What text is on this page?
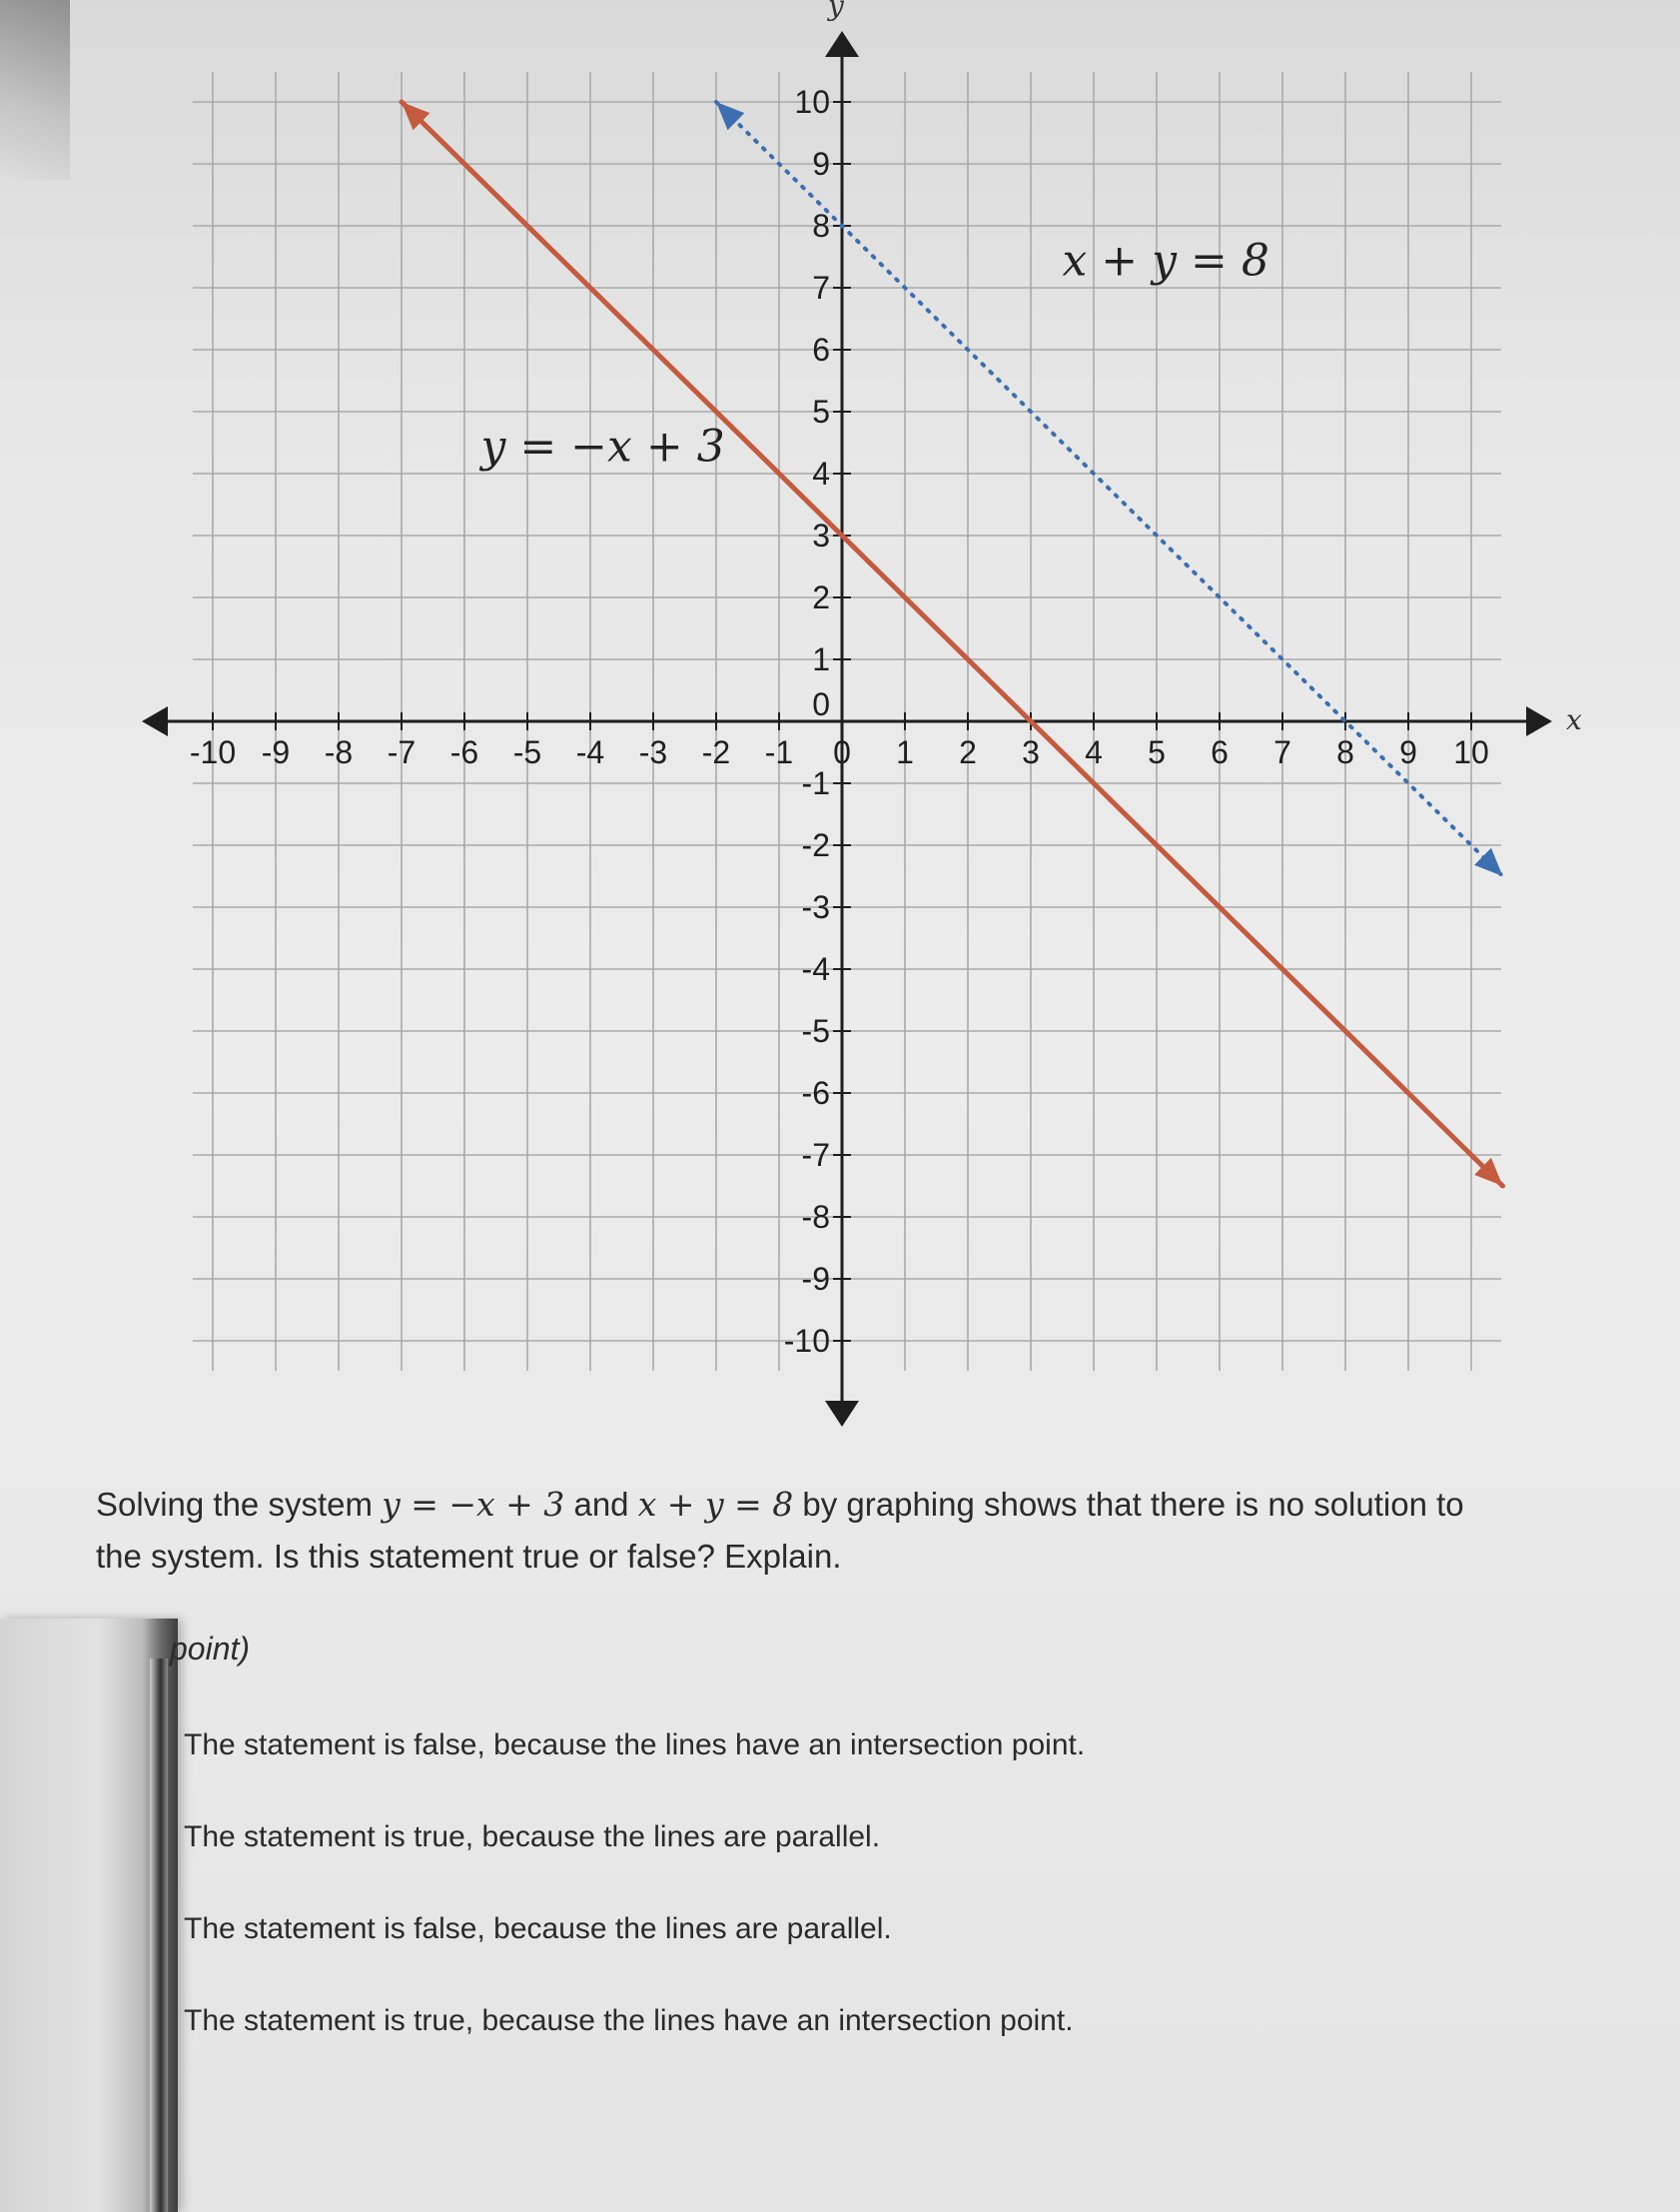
-10 -9 -8 -7 -6 -5 -4 -3 -2 -1 0 1 2 3 4 5 6 7 8 9 10
-10
-9
-8
-7
-6
-5
-4
-3
-2
-1
1
2
3
4
5
6
7
8
9
10
0
y = −x + 3
x + y = 8
x
y
Solving the system y = −x + 3 and x + y = 8 by graphing shows that there is no solution to
the system. Is this statement true or false? Explain.
point)
The statement is false, because the lines have an intersection point.
The statement is true, because the lines are parallel.
The statement is false, because the lines are parallel.
The statement is true, because the lines have an intersection point.
